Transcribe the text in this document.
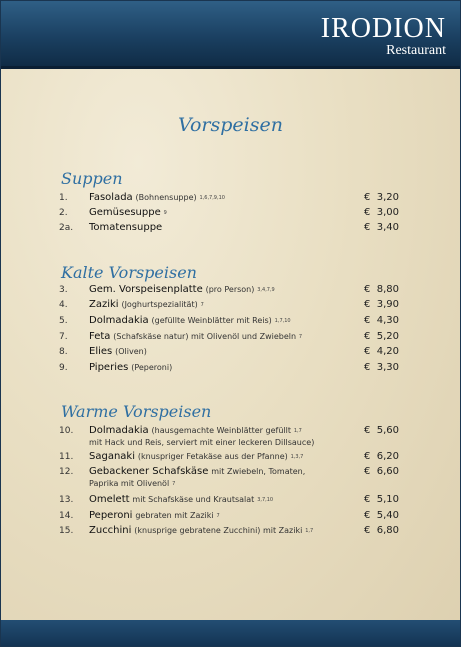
IRODION
Restaurant
Vorspeisen
Suppen
1.	Fasolada (Bohnensuppe) 1,6,7,9,10	€  3,20
2.	Gemüsesuppe 9	€  3,00
2a.	Tomatensuppe	€  3,40
Kalte Vorspeisen
3.	Gem. Vorspeisenplatte (pro Person) 3,4,7,9	€  8,80
4.	Zaziki (Joghurtspezialität) 7	€  3,90
5.	Dolmadakia (gefüllte Weinblätter mit Reis) 1,7,10	€  4,30
7.	Feta (Schafskäse natur) mit Olivenöl und Zwiebeln 7	€  5,20
8.	Elies (Oliven)	€  4,20
9.	Piperies (Peperoni)	€  3,30
Warme Vorspeisen
10.	Dolmadakia (hausgemachte Weinblätter gefüllt 1,7
mit Hack und Reis, serviert mit einer leckeren Dillsauce)
€  5,60
11.	Saganaki (knuspriger Fetakäse aus der Pfanne) 1,3,7	€  6,20
12.	Gebackener Schafskäse mit Zwiebeln, Tomaten,
Paprika mit Olivenöl 7
€  6,60
13.	Omelett mit Schafskäse und Krautsalat 3,7,10	€  5,10
14.	Peperoni gebraten mit Zaziki 7	€  5,40
15.	Zucchini (knusprige gebratene Zucchini) mit Zaziki 1,7	€  6,80
